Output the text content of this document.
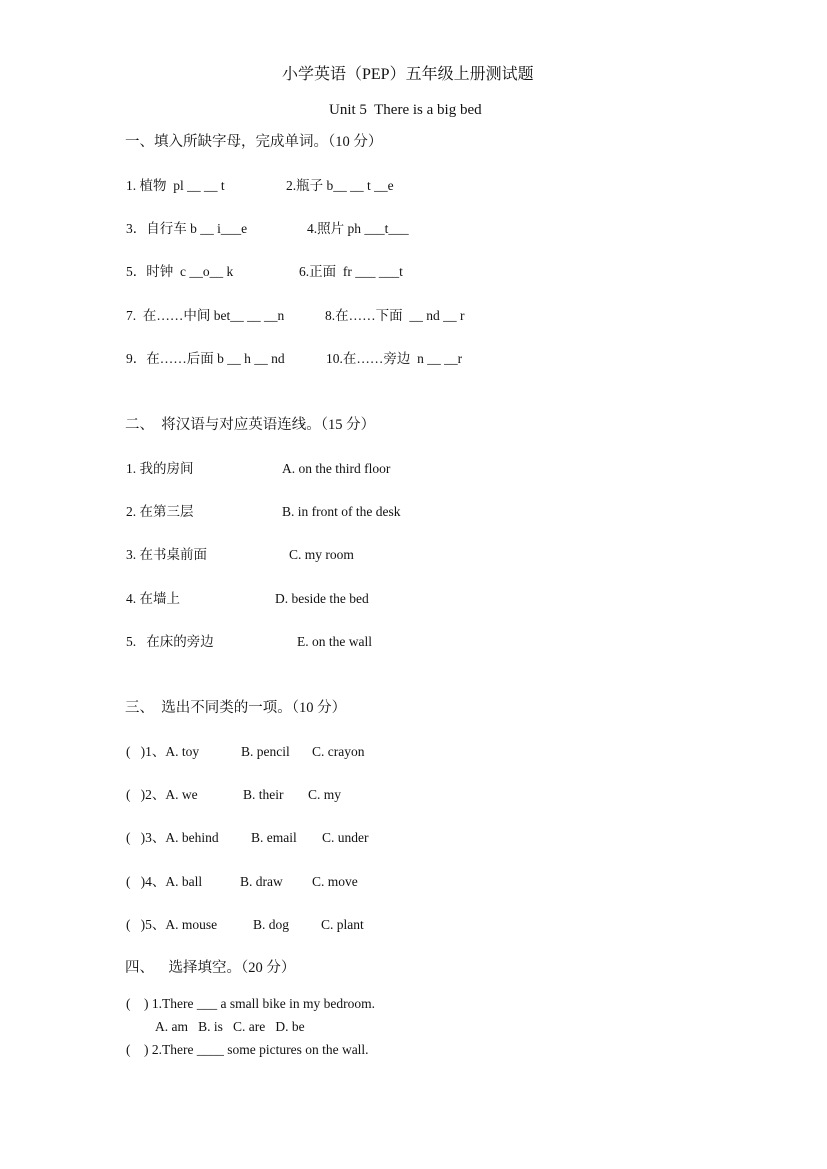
小学英语（PEP）五年级上册测试题
Unit 5  There is a big bed
一、填入所缺字母，完成单词。（10 分）
1. 植物  pl __ __ t	2.瓶子 b__ __ t __e
3．自行车 b __ i___e	4.照片 ph ___t___
5．时钟  c __o__ k	6.正面  fr ___ ___t
7.  在……中间 bet__ __ __n	8.在……下面  __ nd __ r
9．在……后面 b __ h __ nd	10.在……旁边  n __ __r
二、  将汉语与对应英语连线。（15 分）
1. 我的房间	A. on the third floor
2. 在第三层	B. in front of the desk
3. 在书桌前面	C. my room
4. 在墙上	D. beside the bed
5.   在床的旁边	E. on the wall
三、  选出不同类的一项。（10 分）
(   )1、A. toy	B. pencil C. crayon
(   )2、A. we	B. their C. my
(   )3、A. behind B. email C. under
(   )4、A. ball	B. draw C. move
(   )5、A. mouse	B. dog C. plant
四、    选择填空。（20 分）
(    ) 1.There ___ a small bike in my bedroom.
A. am   B. is   C. are   D. be
(    ) 2.There ____ some pictures on the wall.
